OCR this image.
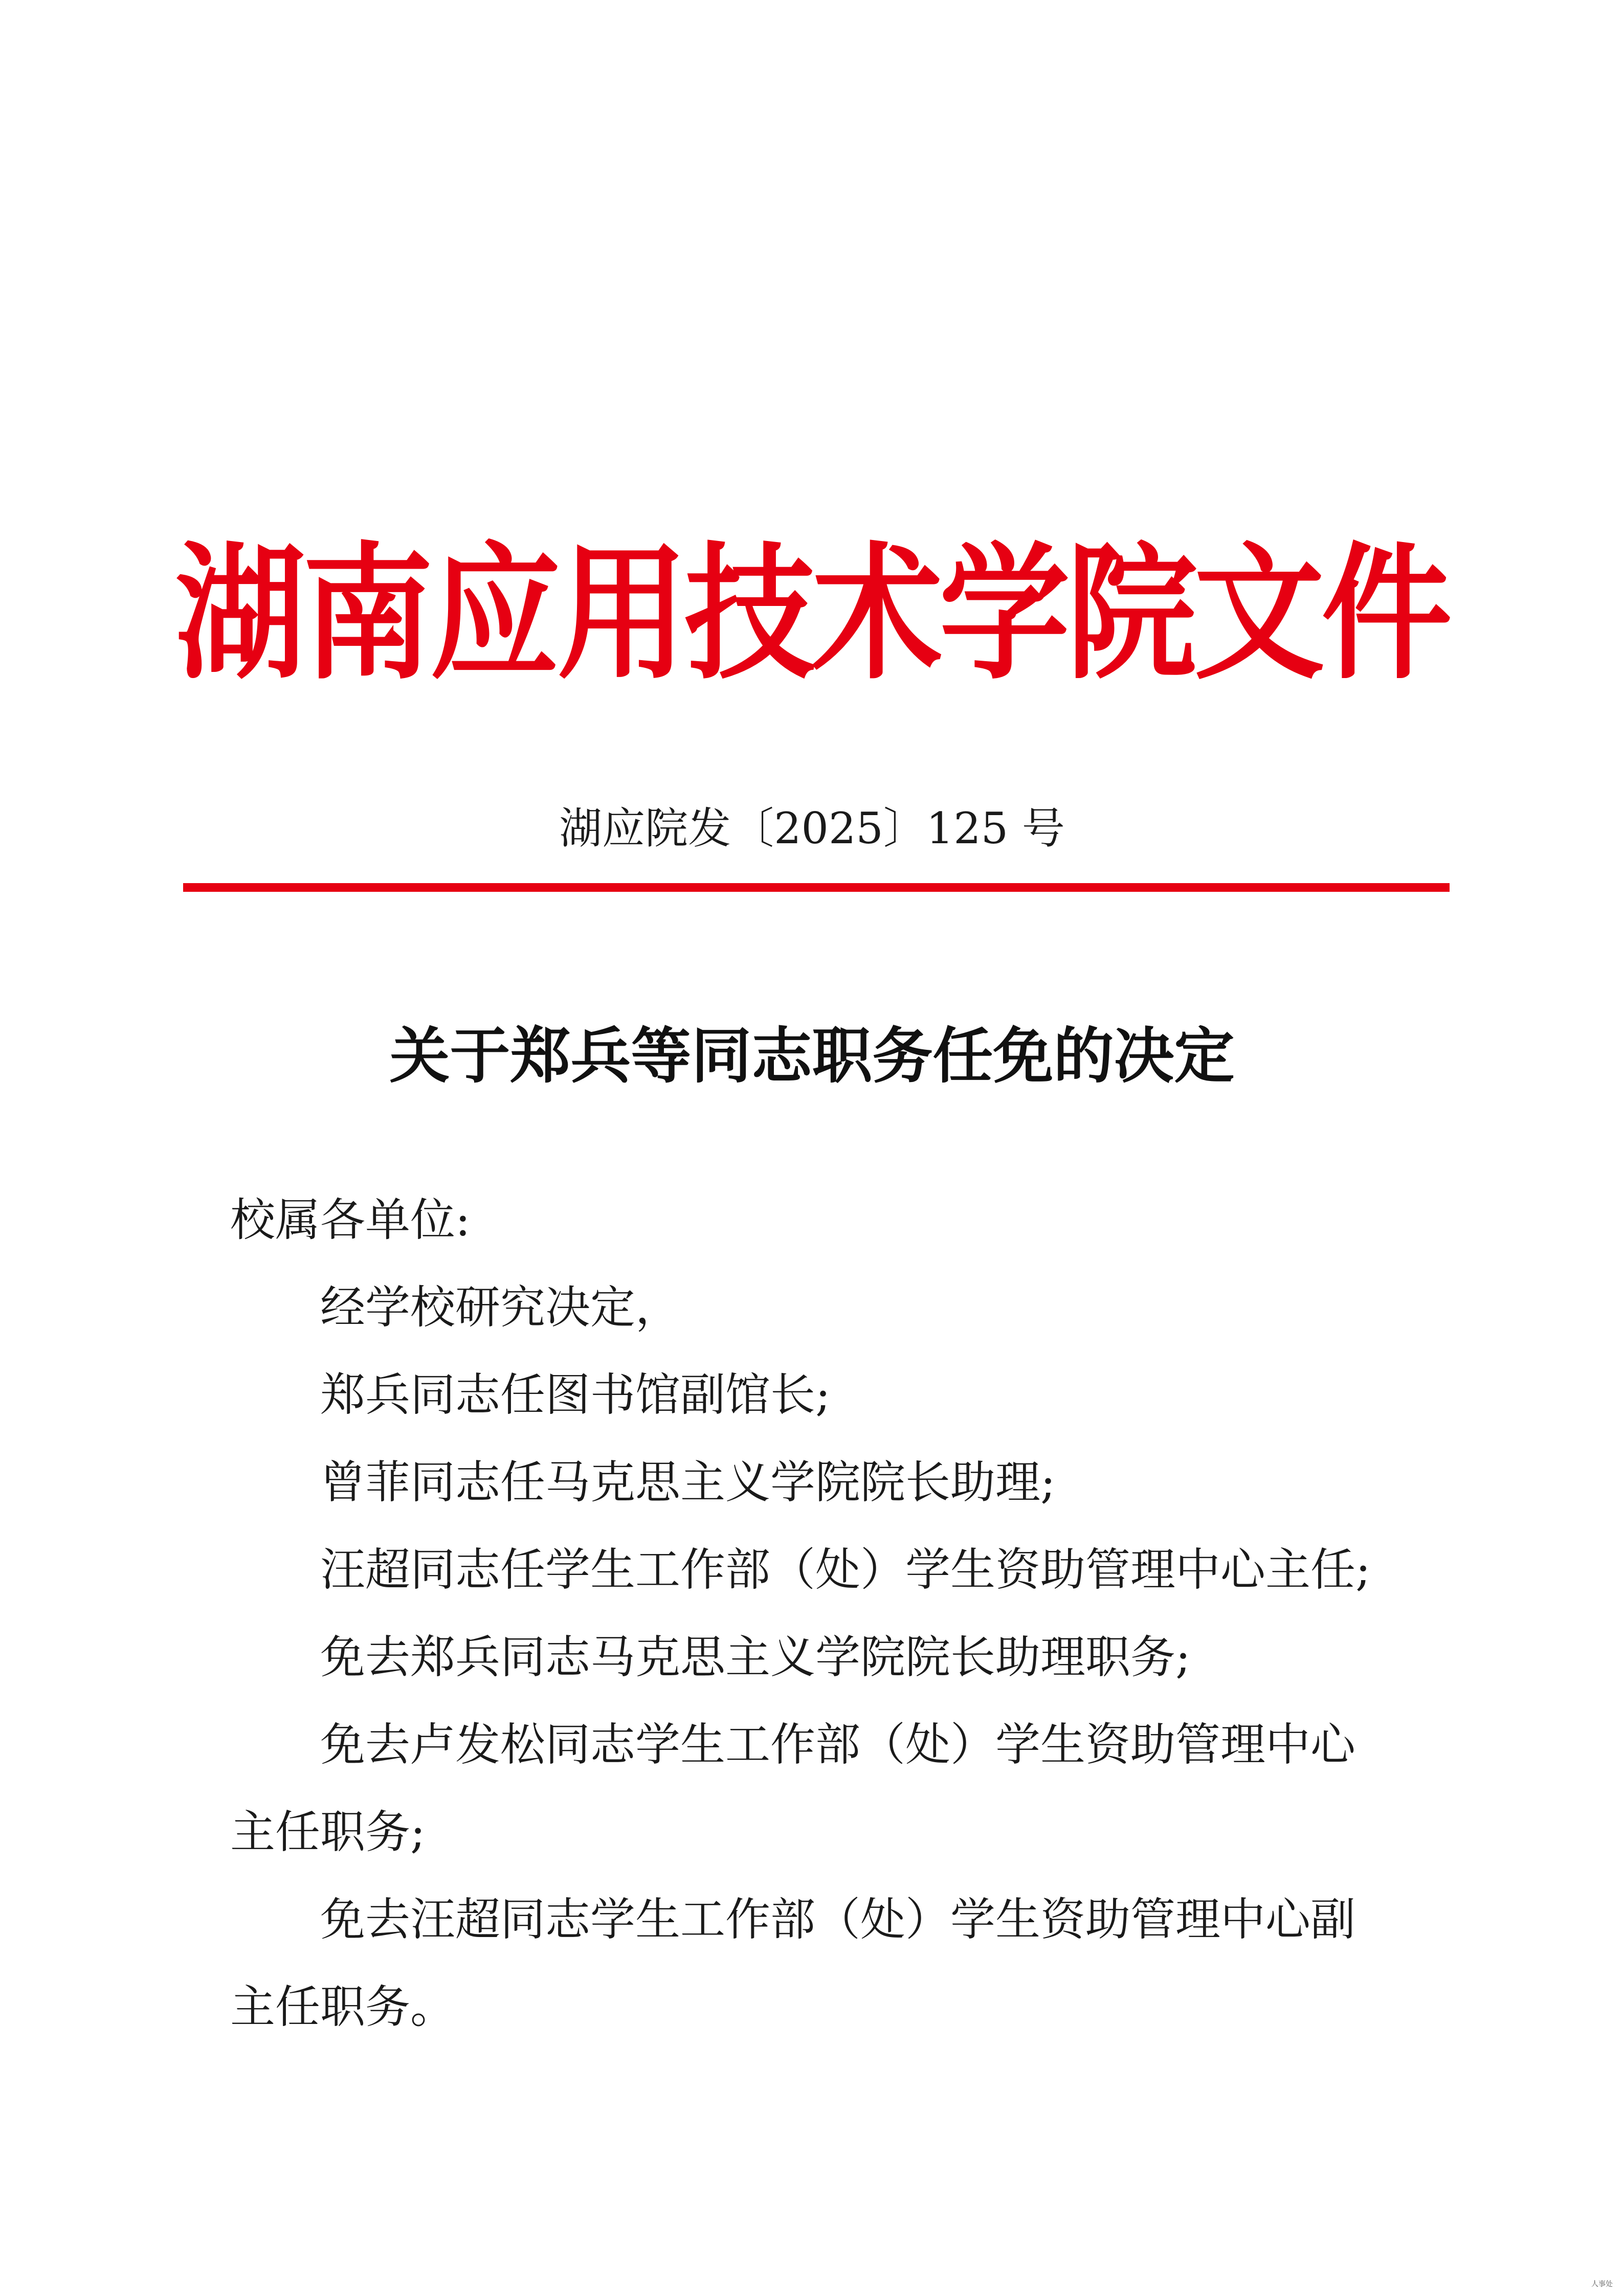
湖南应用技术学院文件
湖应院发〔2025〕125 号
关于郑兵等同志职务任免的决定

校属各单位:

经学校研究决定，

郑兵同志任图书馆副馆长;

曾菲同志任马克思主义学院院长助理;

汪超同志任学生工作部（处）学生资助管理中心主任;

免去郑兵同志马克思主义学院院长助理职务;

免去卢发松同志学生工作部（处）学生资助管理中心主任职务;

免去汪超同志学生工作部（处）学生资助管理中心副主任职务。

人事处
